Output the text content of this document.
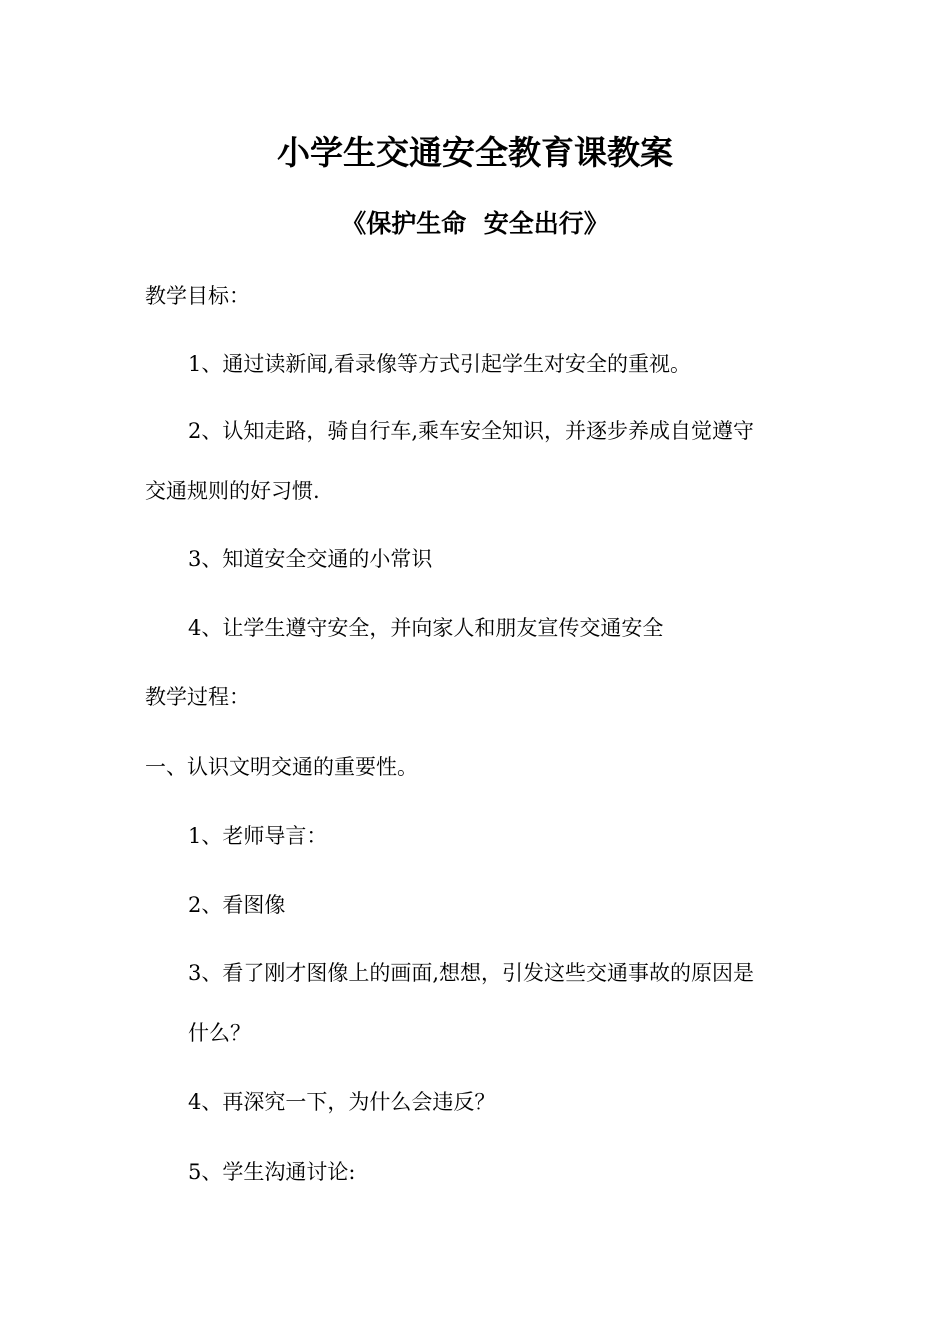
小学生交通安全教育课教案
《保护生命  安全出行》

教学目标：

1、通过读新闻,看录像等方式引起学生对安全的重视。

2、认知走路，骑自行车,乘车安全知识，并逐步养成自觉遵守

交通规则的好习惯.

3、知道安全交通的小常识

4、让学生遵守安全，并向家人和朋友宣传交通安全

教学过程：

一、认识文明交通的重要性。

1、老师导言：

2、看图像

3、看了刚才图像上的画面,想想，引发这些交通事故的原因是

什么？

4、再深究一下，为什么会违反？

5、学生沟通讨论:
